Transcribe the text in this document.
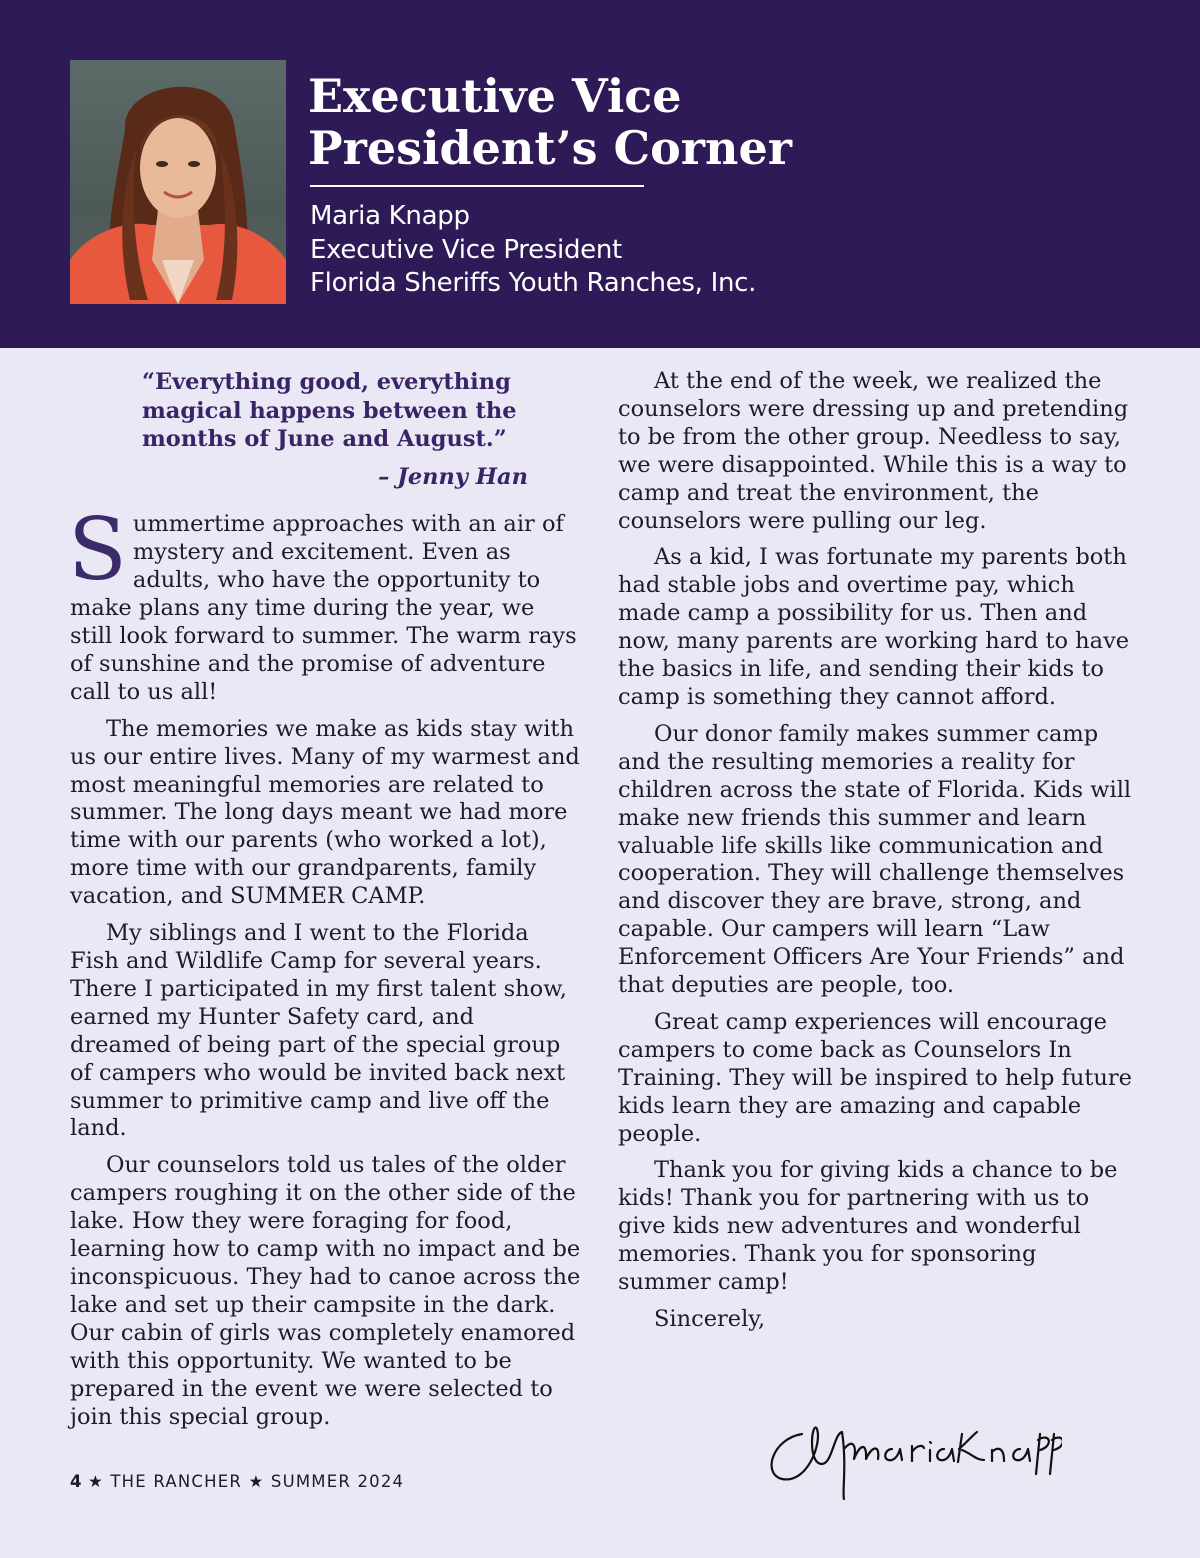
Executive Vice
President’s Corner
Maria Knapp
Executive Vice President
Florida Sheriffs Youth Ranches, Inc.
“Everything good, everything magical happens between the months of June and August.”
– Jenny Han

Summertime approaches with an air of mystery and excitement. Even as adults, who have the opportunity to make plans any time during the year, we still look forward to summer. The warm rays of sunshine and the promise of adventure call to us all!

The memories we make as kids stay with us our entire lives. Many of my warmest and most meaningful memories are related to summer. The long days meant we had more time with our parents (who worked a lot), more time with our grandparents, family vacation, and SUMMER CAMP.

My siblings and I went to the Florida Fish and Wildlife Camp for several years. There I participated in my first talent show, earned my Hunter Safety card, and dreamed of being part of the special group of campers who would be invited back next summer to primitive camp and live off the land.

Our counselors told us tales of the older campers roughing it on the other side of the lake. How they were foraging for food, learning how to camp with no impact and be inconspicuous. They had to canoe across the lake and set up their campsite in the dark. Our cabin of girls was completely enamored with this opportunity. We wanted to be prepared in the event we were selected to join this special group.

At the end of the week, we realized the counselors were dressing up and pretending to be from the other group. Needless to say, we were disappointed. While this is a way to camp and treat the environment, the counselors were pulling our leg.

As a kid, I was fortunate my parents both had stable jobs and overtime pay, which made camp a possibility for us. Then and now, many parents are working hard to have the basics in life, and sending their kids to camp is something they cannot afford.

Our donor family makes summer camp and the resulting memories a reality for children across the state of Florida. Kids will make new friends this summer and learn valuable life skills like communication and cooperation. They will challenge themselves and discover they are brave, strong, and capable. Our campers will learn “Law Enforcement Officers Are Your Friends” and that deputies are people, too.

Great camp experiences will encourage campers to come back as Counselors In Training. They will be inspired to help future kids learn they are amazing and capable people.

Thank you for giving kids a chance to be kids! Thank you for partnering with us to give kids new adventures and wonderful memories. Thank you for sponsoring summer camp!

Sincerely,

4 ★ THE RANCHER ★ SUMMER 2024
